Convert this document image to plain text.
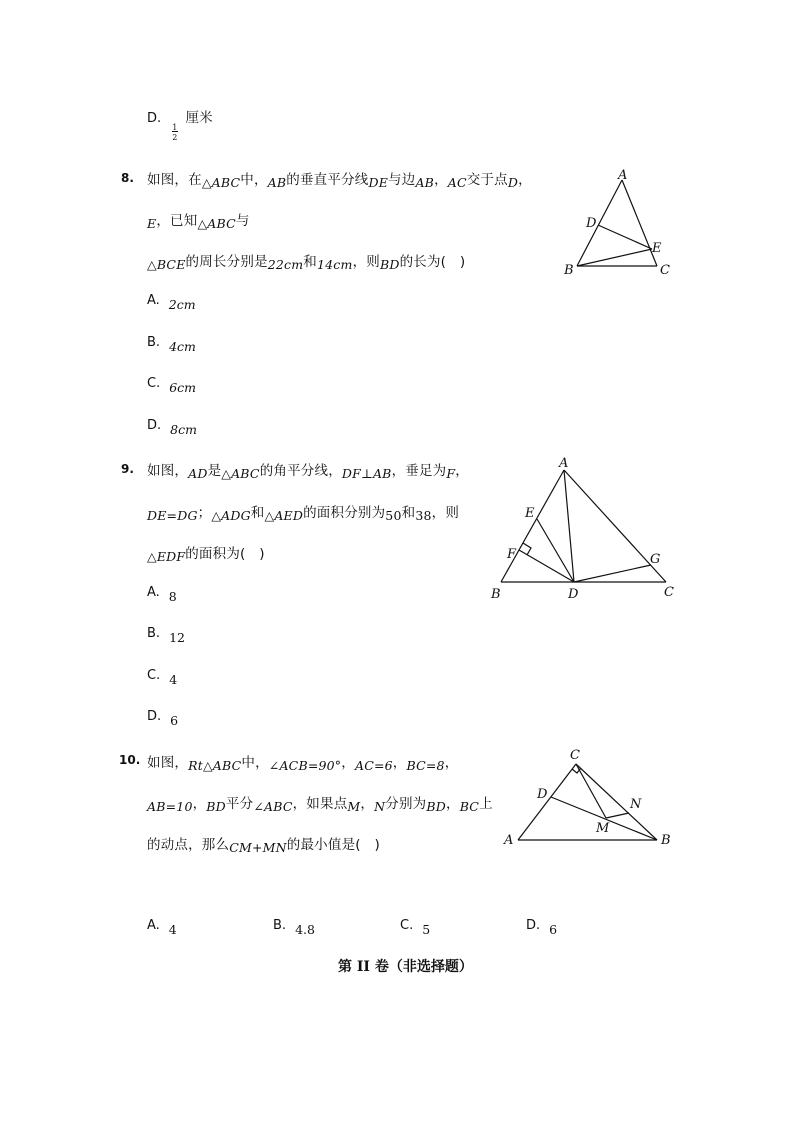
D. $\frac{1}{2}$ 厘米
8. 如图，在△ABC中，AB的垂直平分线DE与边AB，AC交于点D，
E，已知△ABC与
△BCE的周长分别是22cm和14cm，则BD的长为(　)
A. 2cm
B. 4cm
C. 6cm
D. 8cm
A
D
E
B	C
9. 如图，AD是△ABC的角平分线，DF⊥AB，垂足为F，
DE=DG；△ADG和△AED的面积分别为50和38，则
△EDF的面积为(　)
A. 8
B. 12
C. 4
D. 6
A
E
F	G
B	D	C
10. 如图，Rt△ABC中，∠ACB=90°，AC=6，BC=8，
AB=10，BD平分∠ABC，如果点M，N分别为BD，BC上
的动点，那么CM+MN的最小值是(　)
A. 4	B. 4.8	C. 5	D. 6
C
D
N
M
A	B
第 II 卷（非选择题）
